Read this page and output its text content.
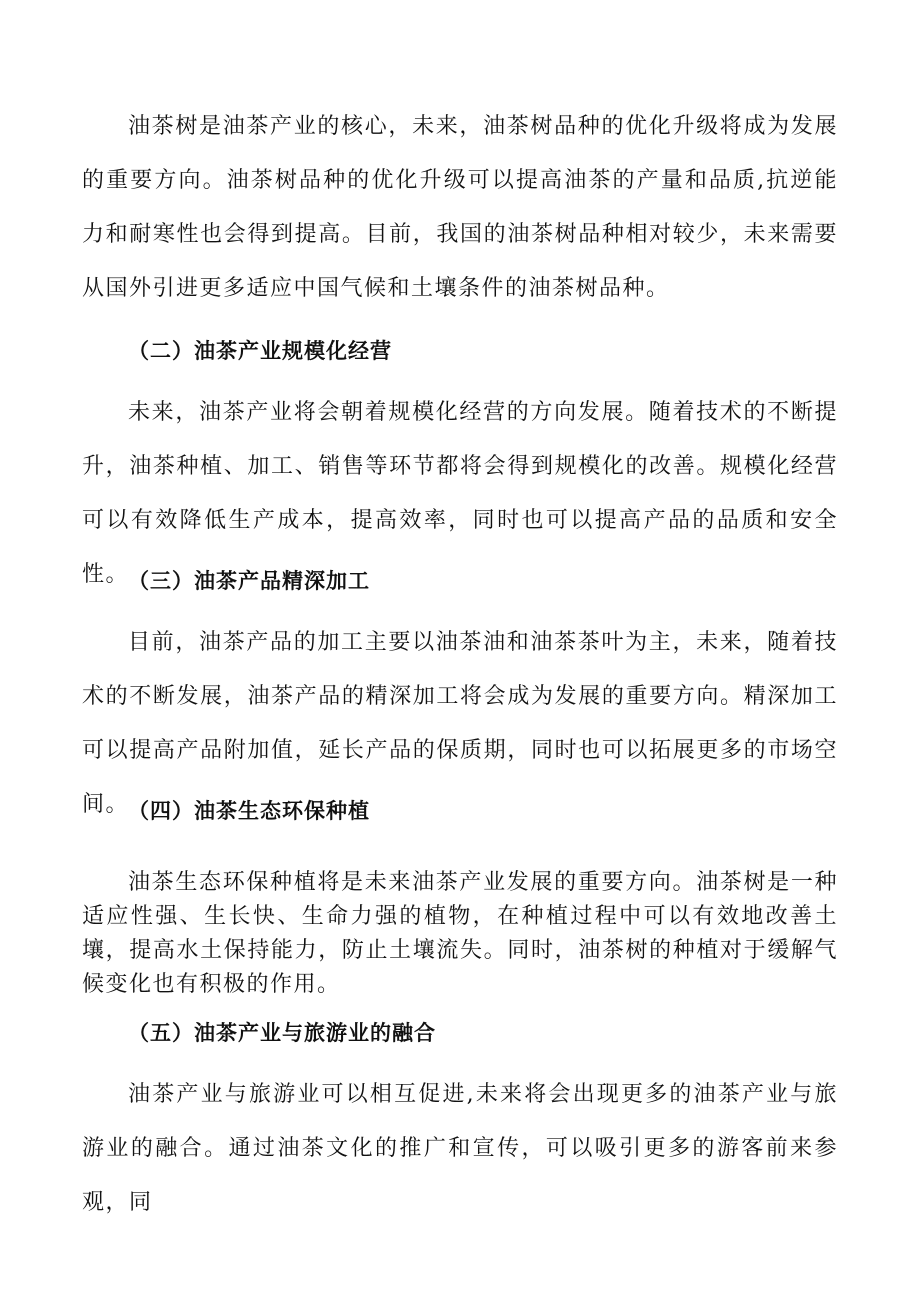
油茶树是油茶产业的核心，未来，油茶树品种的优化升级将成为发展的重要方向。油茶树品种的优化升级可以提高油茶的产量和品质,抗逆能力和耐寒性也会得到提高。目前，我国的油茶树品种相对较少，未来需要从国外引进更多适应中国气候和土壤条件的油茶树品种。

（二）油茶产业规模化经营

未来，油茶产业将会朝着规模化经营的方向发展。随着技术的不断提升，油茶种植、加工、销售等环节都将会得到规模化的改善。规模化经营可以有效降低生产成本，提高效率，同时也可以提高产品的品质和安全性。

（三）油茶产品精深加工

目前，油茶产品的加工主要以油茶油和油茶茶叶为主，未来，随着技术的不断发展，油茶产品的精深加工将会成为发展的重要方向。精深加工可以提高产品附加值，延长产品的保质期，同时也可以拓展更多的市场空间。

（四）油茶生态环保种植

油茶生态环保种植将是未来油茶产业发展的重要方向。油茶树是一种适应性强、生长快、生命力强的植物，在种植过程中可以有效地改善土壤，提高水土保持能力，防止土壤流失。同时，油茶树的种植对于缓解气候变化也有积极的作用。

（五）油茶产业与旅游业的融合

油茶产业与旅游业可以相互促进,未来将会出现更多的油茶产业与旅游业的融合。通过油茶文化的推广和宣传，可以吸引更多的游客前来参观，同
